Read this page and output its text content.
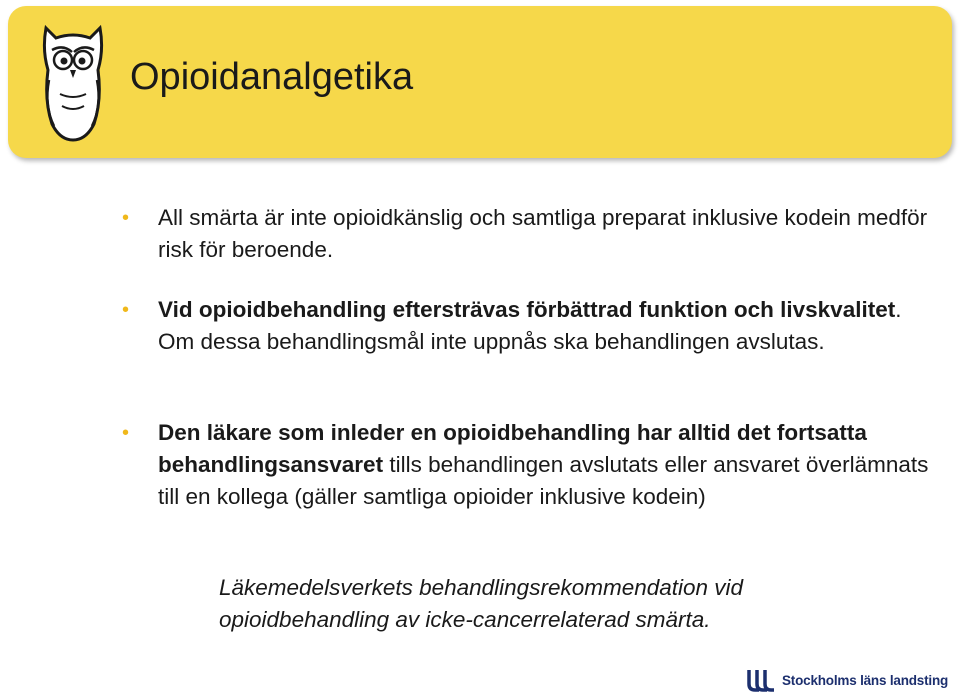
Opioidanalgetika
• All smärta är inte opioidkänslig och samtliga preparat inklusive kodein medför risk för beroende.
• Vid opioidbehandling eftersträvas förbättrad funktion och livskvalitet. Om dessa behandlingsmål inte uppnås ska behandlingen avslutas.
• Den läkare som inleder en opioidbehandling har alltid det fortsatta behandlingsansvaret tills behandlingen avslutats eller ansvaret överlämnats till en kollega (gäller samtliga opioider inklusive kodein)
Läkemedelsverkets behandlingsrekommendation vid
opioidbehandling av icke-cancerrelaterad smärta.
Stockholms läns landsting
